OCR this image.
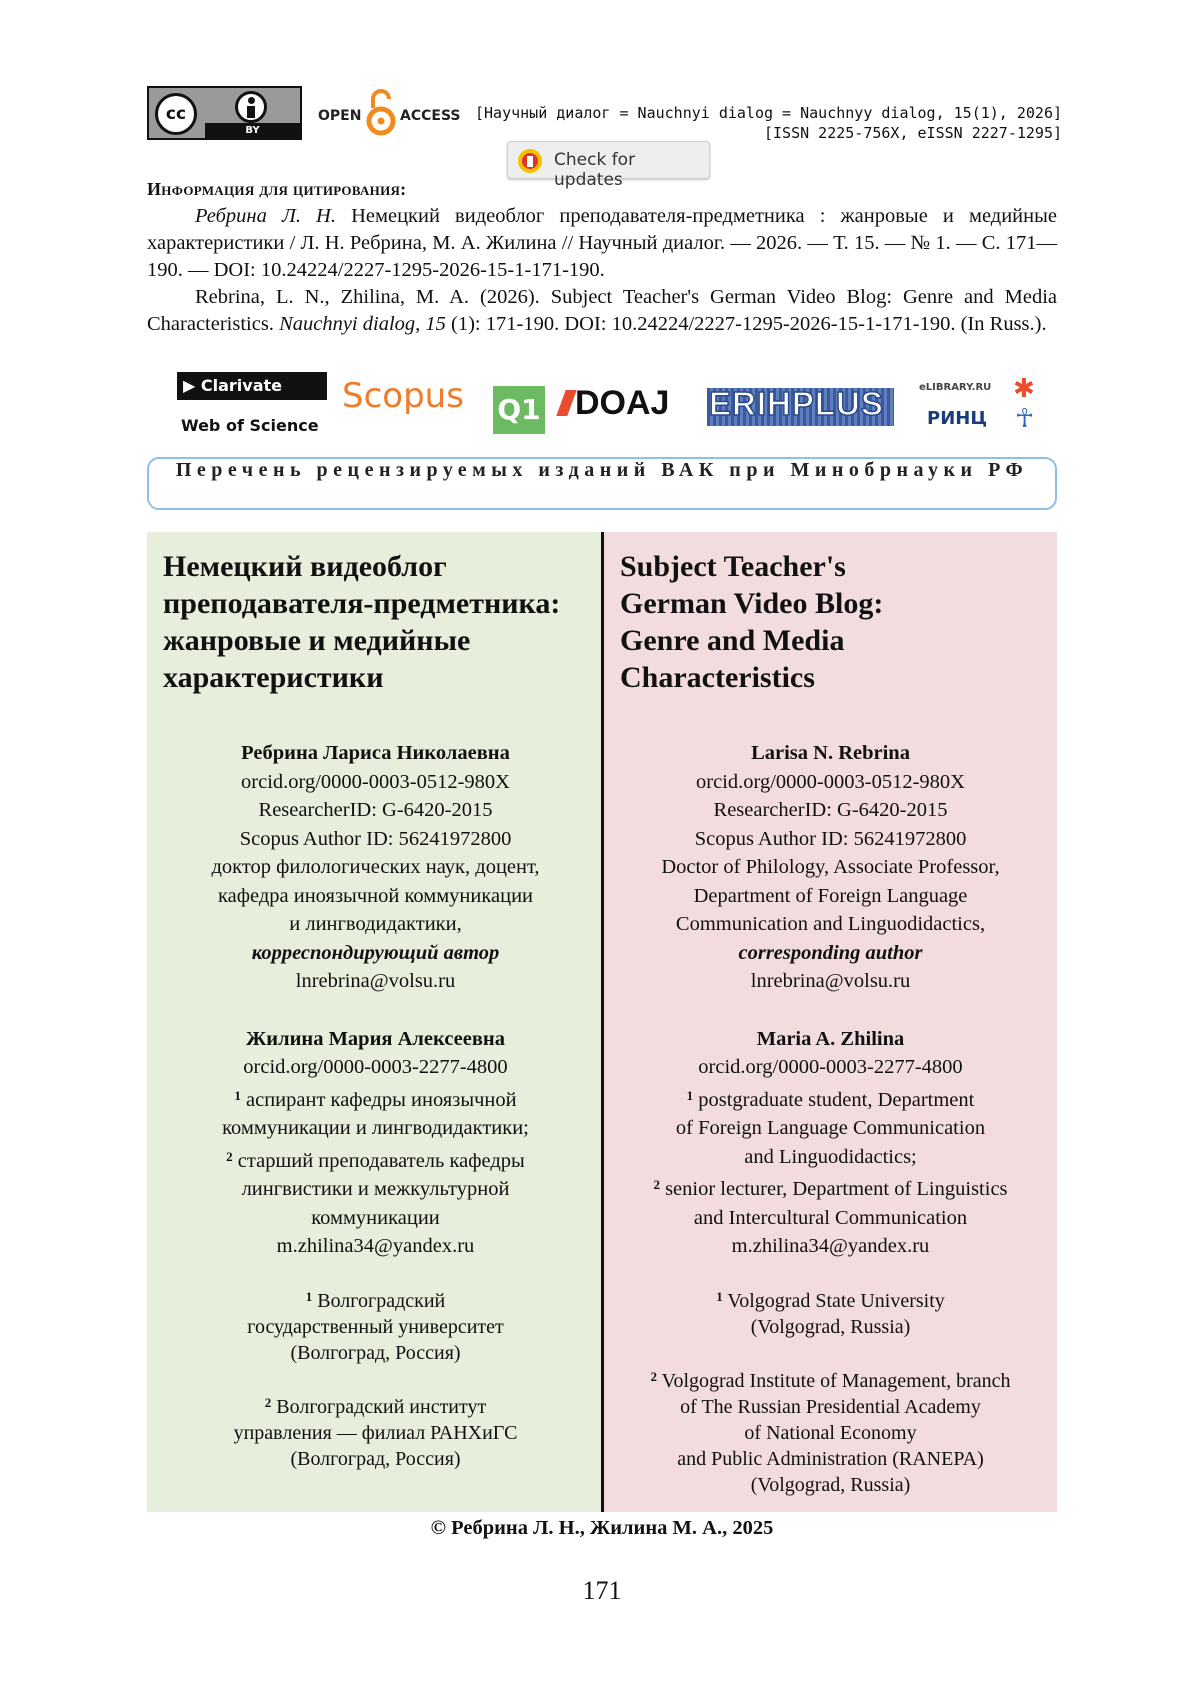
cc
BY
OPEN	ACCESS [Научный диалог = Nauchnyi dialog = Nauchnyy dialog, 15(1), 2026]
[ISSN 2225-756X, eISSN 2227-1295]
Check for updates

Информация для цитирования:

Ребрина Л. Н. Немецкий видеоблог преподавателя-предметника : жанровые и медийные характеристики / Л. Н. Ребрина, М. А. Жилина // Научный диалог. — 2026. — Т. 15. — № 1. — С. 171—190. — DOI: 10.24224/2227-1295-2026-15-1-171-190.

Rebrina, L. N., Zhilina, M. A. (2026). Subject Teacher's German Video Blog: Genre and Media Characteristics. Nauchnyi dialog, 15 (1): 171-190. DOI: 10.24224/2227-1295-2026-15-1-171-190. (In Russ.).

▶ Clarivate
Web of Science
Scopus Q1	DOAJ ERIHPLUS	eLIBRARY.RU
РИНЦ
✱
☥
Перечень рецензируемых изданий ВАК при Минобрнауки РФ
Немецкий видеоблог преподавателя-предметника: жанровые и медийные характеристики
Ребрина Лариса Николаевна
orcid.org/0000-0003-0512-980X
ResearcherID: G-6420-2015
Scopus Author ID: 56241972800
доктор филологических наук, доцент,
кафедра иноязычной коммуникации
и лингводидактики,
корреспондирующий автор
lnrebrina@volsu.ru
Жилина Мария Алексеевна
orcid.org/0000-0003-2277-4800
$^1$ аспирант кафедры иноязычной
коммуникации и лингводидактики;
$^2$ старший преподаватель кафедры
лингвистики и межкультурной
коммуникации
m.zhilina34@yandex.ru
$^1$ Волгоградский
государственный университет
(Волгоград, Россия)
$^2$ Волгоградский институт
управления — филиал РАНХиГС
(Волгоград, Россия)
Subject Teacher's
German Video Blog:
Genre and Media
Characteristics
Larisa N. Rebrina
orcid.org/0000-0003-0512-980X
ResearcherID: G-6420-2015
Scopus Author ID: 56241972800
Doctor of Philology, Associate Professor,
Department of Foreign Language
Communication and Linguodidactics,
corresponding author
lnrebrina@volsu.ru
Maria A. Zhilina
orcid.org/0000-0003-2277-4800
$^1$ postgraduate student, Department
of Foreign Language Communication
and Linguodidactics;
$^2$ senior lecturer, Department of Linguistics
and Intercultural Communication
m.zhilina34@yandex.ru
$^1$ Volgograd State University
(Volgograd, Russia)
$^2$ Volgograd Institute of Management, branch
of The Russian Presidential Academy
of National Economy
and Public Administration (RANEPA)
(Volgograd, Russia)
© Ребрина Л. Н., Жилина М. А., 2025
171
